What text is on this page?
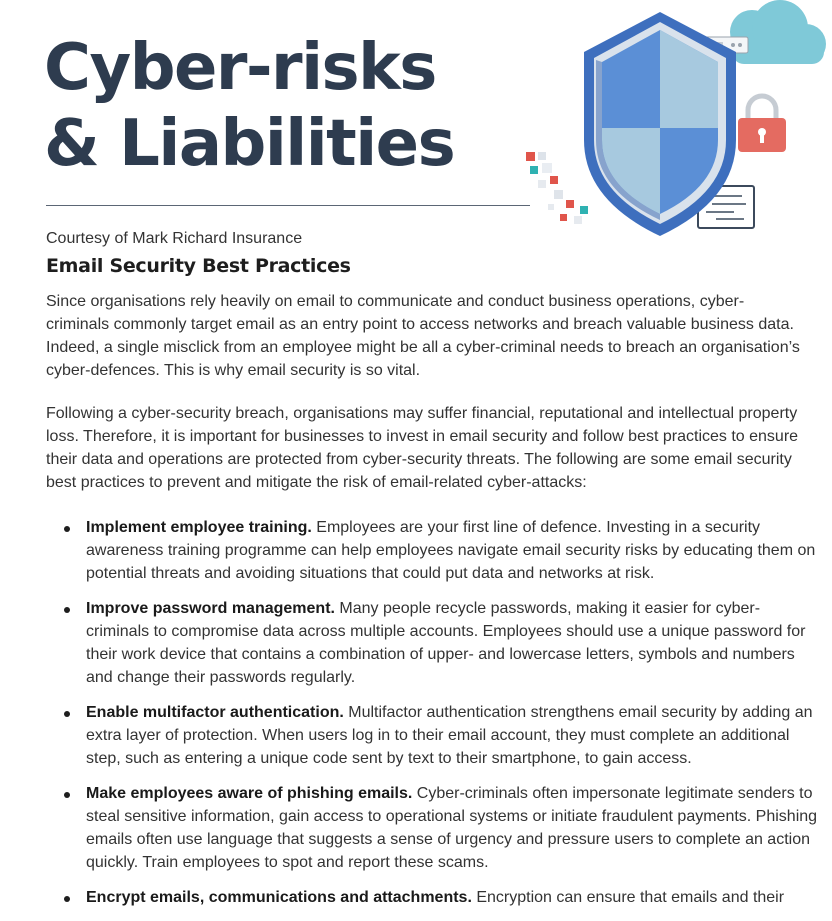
Cyber-risks
& Liabilities
Courtesy of Mark Richard Insurance
Email Security Best Practices

Since organisations rely heavily on email to communicate and conduct business operations, cyber-criminals commonly target email as an entry point to access networks and breach valuable business data. Indeed, a single misclick from an employee might be all a cyber-criminal needs to breach an organisation’s cyber-defences. This is why email security is so vital.

Following a cyber-security breach, organisations may suffer financial, reputational and intellectual property loss. Therefore, it is important for businesses to invest in email security and follow best practices to ensure their data and operations are protected from cyber-security threats. The following are some email security best practices to prevent and mitigate the risk of email-related cyber-attacks:

Implement employee training. Employees are your first line of defence. Investing in a security awareness training programme can help employees navigate email security risks by educating them on potential threats and avoiding situations that could put data and networks at risk.
Improve password management. Many people recycle passwords, making it easier for cyber-criminals to compromise data across multiple accounts. Employees should use a unique password for their work device that contains a combination of upper- and lowercase letters, symbols and numbers and change their passwords regularly.
Enable multifactor authentication. Multifactor authentication strengthens email security by adding an extra layer of protection. When users log in to their email account, they must complete an additional step, such as entering a unique code sent by text to their smartphone, to gain access.
Make employees aware of phishing emails. Cyber-criminals often impersonate legitimate senders to steal sensitive information, gain access to operational systems or initiate fraudulent payments. Phishing emails often use language that suggests a sense of urgency and pressure users to complete an action quickly. Train employees to spot and report these scams.
Encrypt emails, communications and attachments. Encryption can ensure that emails and their
